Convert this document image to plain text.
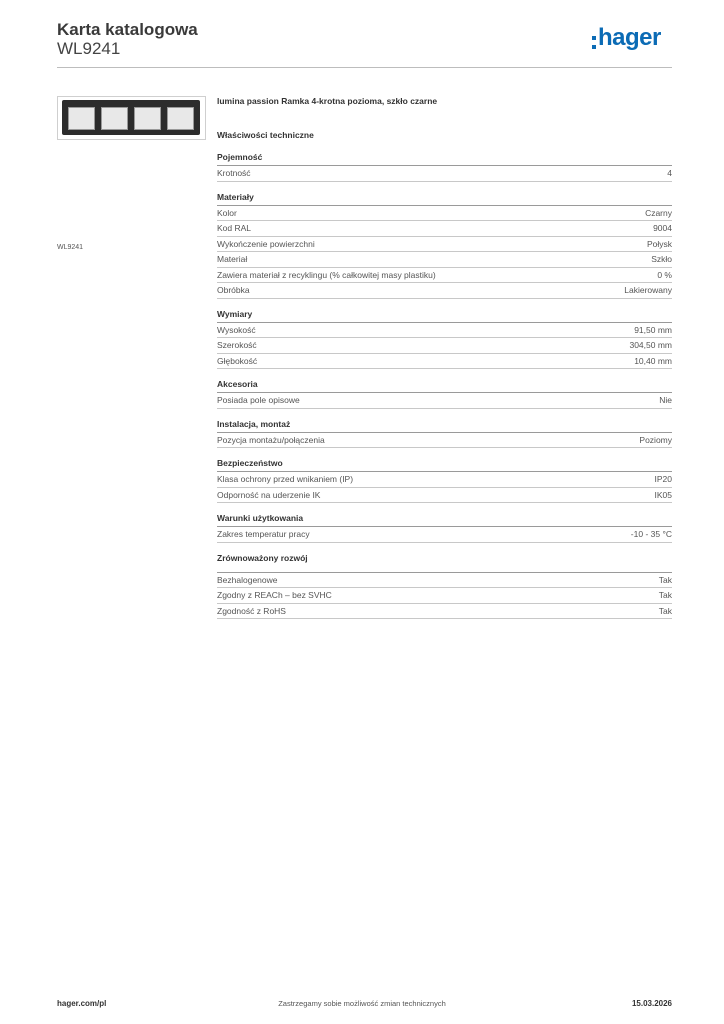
Karta katalogowa
WL9241	hager
WL9241
lumina passion Ramka 4-krotna pozioma, szkło czarne
Właściwości techniczne
Pojemność
Krotność	4
Materiały
Kolor	Czarny
Kod RAL	9004
Wykończenie powierzchni	Połysk
Materiał	Szkło
Zawiera materiał z recyklingu (% całkowitej masy plastiku)	0 %
Obróbka	Lakierowany
Wymiary
Wysokość	91,50 mm
Szerokość	304,50 mm
Głębokość	10,40 mm
Akcesoria
Posiada pole opisowe	Nie
Instalacja, montaż
Pozycja montażu/połączenia	Poziomy
Bezpieczeństwo
Klasa ochrony przed wnikaniem (IP)	IP20
Odporność na uderzenie IK	IK05
Warunki użytkowania
Zakres temperatur pracy	-10 - 35 °C
Zrównoważony rozwój
Bezhalogenowe	Tak
Zgodny z REACh – bez SVHC	Tak
Zgodność z RoHS	Tak
hager.com/pl	Zastrzegamy sobie możliwość zmian technicznych	15.03.2026
